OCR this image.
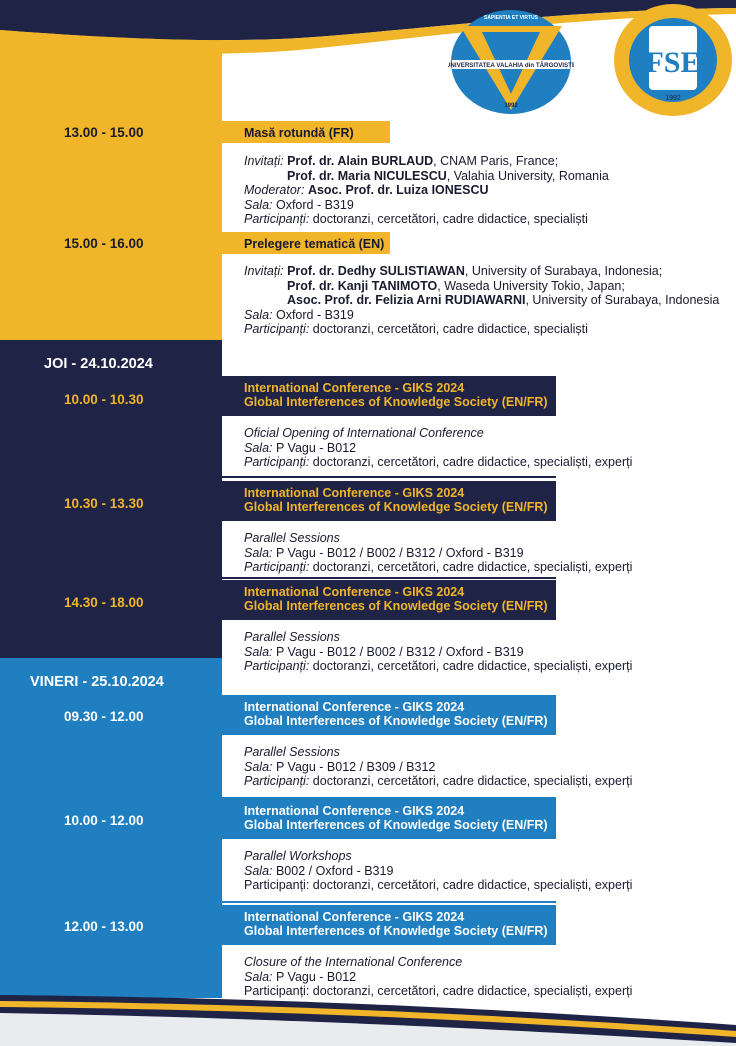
UNIVERSITATEA VALAHIA din TÂRGOVIȘTE
SAPIENTIA ET VIRTUS
1992
FSE
1992
13.00 - 15.00	Masă rotundă (FR)
Invitați: Prof. dr. Alain BURLAUD, CNAM Paris, France;
Prof. dr. Maria NICULESCU, Valahia University, Romania
Moderator: Asoc. Prof. dr. Luiza IONESCU
Sala: Oxford - B319
Participanți: doctoranzi, cercetători, cadre didactice, specialiști
15.00 - 16.00	Prelegere tematică (EN)
Invitați: Prof. dr. Dedhy SULISTIAWAN, University of Surabaya, Indonesia;
Prof. dr. Kanji TANIMOTO, Waseda University Tokio, Japan;
Asoc. Prof. dr. Felizia Arni RUDIAWARNI, University of Surabaya, Indonesia
Sala: Oxford - B319
Participanți: doctoranzi, cercetători, cadre didactice, specialiști
JOI - 24.10.2024
10.00 - 10.30
International Conference - GIKS 2024
Global Interferences of Knowledge Society (EN/FR)
Oficial Opening of International Conference
Sala: P Vagu - B012
Participanți: doctoranzi, cercetători, cadre didactice, specialiști, experți
10.30 - 13.30
International Conference - GIKS 2024
Global Interferences of Knowledge Society (EN/FR)
Parallel Sessions
Sala: P Vagu - B012 / B002 / B312 / Oxford - B319
Participanți: doctoranzi, cercetători, cadre didactice, specialiști, experți
14.30 - 18.00
International Conference - GIKS 2024
Global Interferences of Knowledge Society (EN/FR)
Parallel Sessions
Sala: P Vagu - B012 / B002 / B312 / Oxford - B319
Participanți: doctoranzi, cercetători, cadre didactice, specialiști, experți
VINERI - 25.10.2024
09.30 - 12.00
International Conference - GIKS 2024
Global Interferences of Knowledge Society (EN/FR)
Parallel Sessions
Sala: P Vagu - B012 / B309 / B312
Participanți: doctoranzi, cercetători, cadre didactice, specialiști, experți
10.00 - 12.00
International Conference - GIKS 2024
Global Interferences of Knowledge Society (EN/FR)
Parallel Workshops
Sala: B002 / Oxford - B319
Participanți: doctoranzi, cercetători, cadre didactice, specialiști, experți
12.00 - 13.00
International Conference - GIKS 2024
Global Interferences of Knowledge Society (EN/FR)
Closure of the International Conference
Sala: P Vagu - B012
Participanți: doctoranzi, cercetători, cadre didactice, specialiști, experți
